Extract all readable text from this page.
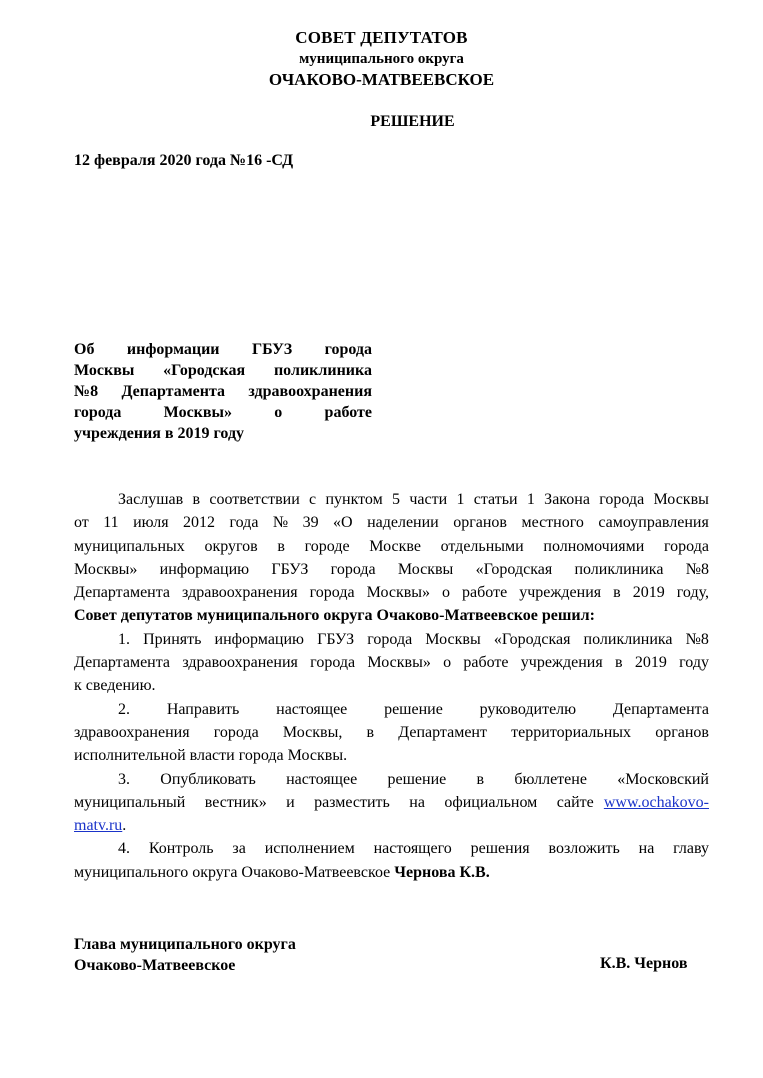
СОВЕТ ДЕПУТАТОВ
муниципального округа
ОЧАКОВО-МАТВЕЕВСКОЕ
РЕШЕНИЕ
12 февраля 2020 года №16 -СД
Об информации ГБУЗ города
Москвы «Городская поликлиника
№8 Департамента здравоохранения
города	Москвы»	о	работе
учреждения в 2019 году
Заслушав в соответствии с пунктом 5 части 1 статьи 1 Закона города Москвы
от 11 июля 2012 года № 39 «О наделении органов местного самоуправления
муниципальных округов в городе Москве отдельными полномочиями города
Москвы» информацию ГБУЗ города Москвы «Городская поликлиника №8
Департамента здравоохранения города Москвы» о работе учреждения в 2019 году,
Совет депутатов муниципального округа Очаково-Матвеевское решил:
1. Принять информацию ГБУЗ города Москвы «Городская поликлиника №8
Департамента здравоохранения города Москвы» о работе учреждения в 2019 году
к сведению.
2. Направить настоящее решение руководителю Департамента
здравоохранения города Москвы, в Департамент территориальных органов
исполнительной власти города Москвы.
3. Опубликовать настоящее решение в бюллетене «Московский
муниципальный вестник» и разместить на официальном сайте www.ochakovo-
matv.ru.
4. Контроль за исполнением настоящего решения возложить на главу
муниципального округа Очаково-Матвеевское Чернова К.В.
Глава муниципального округа
Очаково-Матвеевское	К.В. Чернов
